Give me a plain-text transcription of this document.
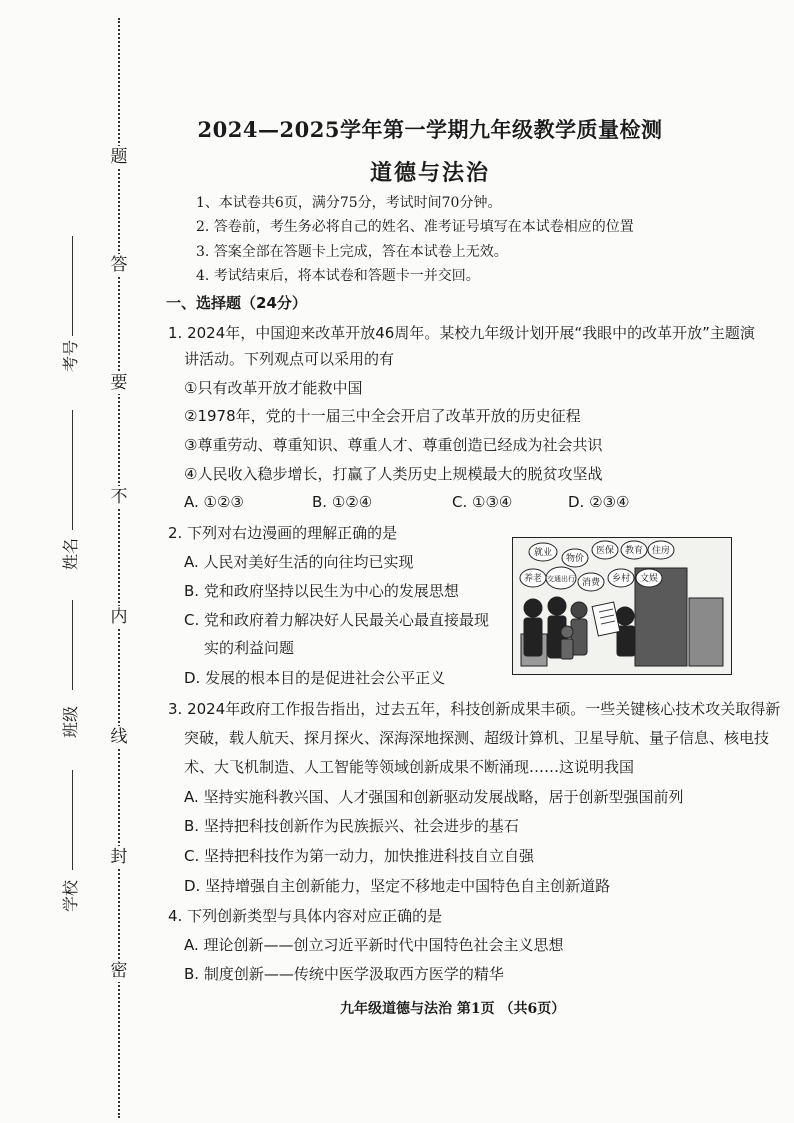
题
答
要
不
内
线
封
密
考号
姓名
班级
学校
2024—2025学年第一学期九年级教学质量检测
道德与法治
1、本试卷共6页，满分75分，考试时间70分钟。
2. 答卷前，考生务必将自己的姓名、准考证号填写在本试卷相应的位置
3. 答案全部在答题卡上完成，答在本试卷上无效。
4. 考试结束后，将本试卷和答题卡一并交回。
一、选择题（24分）
1. 2024年，中国迎来改革开放46周年。某校九年级计划开展“我眼中的改革开放”主题演
讲活动。下列观点可以采用的有
①只有改革开放才能救中国
②1978年，党的十一届三中全会开启了改革开放的历史征程
③尊重劳动、尊重知识、尊重人才、尊重创造已经成为社会共识
④人民收入稳步增长，打赢了人类历史上规模最大的脱贫攻坚战
A. ①②③	B. ①②④	C. ①③④	D. ②③④
2. 下列对右边漫画的理解正确的是
A. 人民对美好生活的向往均已实现
B. 党和政府坚持以民生为中心的发展思想
C. 党和政府着力解决好人民最关心最直接最现
实的利益问题
D. 发展的根本目的是促进社会公平正义
就业
物价
医保 教育 住房
养老 交通出行 消费 乡村 文娱
3. 2024年政府工作报告指出，过去五年，科技创新成果丰硕。一些关键核心技术攻关取得新
突破，载人航天、探月探火、深海深地探测、超级计算机、卫星导航、量子信息、核电技
术、大飞机制造、人工智能等领域创新成果不断涌现……这说明我国
A. 坚持实施科教兴国、人才强国和创新驱动发展战略，居于创新型强国前列
B. 坚持把科技创新作为民族振兴、社会进步的基石
C. 坚持把科技作为第一动力，加快推进科技自立自强
D. 坚持增强自主创新能力，坚定不移地走中国特色自主创新道路
4. 下列创新类型与具体内容对应正确的是
A. 理论创新——创立习近平新时代中国特色社会主义思想
B. 制度创新——传统中医学汲取西方医学的精华
九年级道德与法治 第1页 （共6页）
